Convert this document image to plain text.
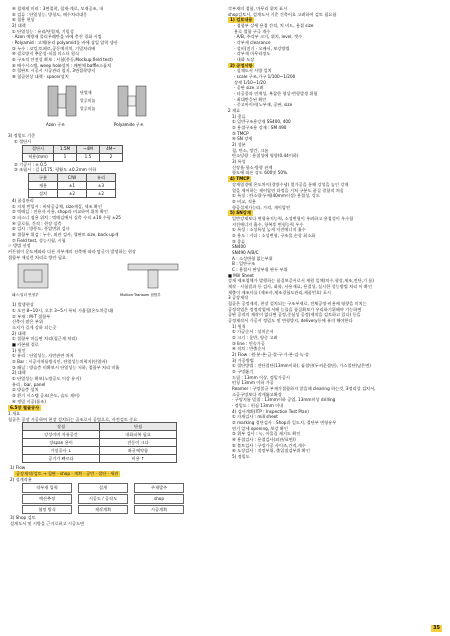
④ 철재제 미러 : 3면접착, 철재·계로, 모재공조, 내
⑤ 검류 : 단열성능, 방청도, 배수처리대응
⑥ 철용 현상
2) 대책
① 단열성능 : 유리/단열재, 기밀성
· Azon 예방제 폴리우레탄을 바에 충진 경화 시킴
· Polyamid : 고체/유리 polyamid를 바에 삽입 압착 생산
③ 누수 : 코킹,토페르,공동예지치, 기밀처리배
④ 결로방지 추운성·직접 미스터 원식
⑤ 구조적 안전성 확보 : 시험(풍동,Mockup,field test)
⑥ 배수시스템, weep hole설치 : 패면체 baffle스톱처
⑦ 혈판트 시공시 시공관리 철저, 3면접착방지
⑧ 철골현상 대책 · spacer설치
단열재
알루미늄
알루미늄
Azon 구조	Polyamide 구조
3) 정밀도 기준
① 절단시
절단시	1.5M	~4M	4M~
허용(mm)	1	1.5	2
② 기공시 : ± 0.5
③ 조립시 : 길 L/175, 평활도 ±0.2mm 이하
구분	C/W	유리
재용	±1	±3
설치	±2	±2
4) 품질관리
① 지재 반입시 : 바닥공급체, size재질, 색조 확인
② 먹매김 : 전용자 사용, shop과 비교하여 위치 확인
③ 파스너 점용 위치 : 먹매김에서 실측 수직 ±10 수평 ±25
④ 클로틀, 간격 : 현장 실측
⑤ 검사 : 방풍도, 풍압변위 검사
⑥ 접합부 위검 : 누수, 외관 검사, 혈판트 size, back up재
⑦ Field test, 성능시험, 시험
☞ 방법 선정
커튼월이 운도에따라 다른 자부재의 선축에 따라 맘글이 발생하는 현상
접합부 재실런 처리로 방안 필요
패스·멀리 연정부	Mullion·Transom 접합부
1) 발생현상
① 오전 8~10시, 오후 3~5시 특히 거울철(온도차증대)
② 부재 : M·T 접합부
신축이 많은 부위
소지가 길게 강하 되는곳
2) 대책
① 접합부 마들면 처리(철근재 처리)
■ 카본월 결로
1) 원인
① 유리 : 단열성능, 자연관련 차지
② Bar : 시공자처틀방식인, 단열성능치력지(단열바)
③ 패널 : 방습층 미확보시 단열성능 저하, 접합부 처리 미흡
2) 대책
① 단열성능 확보(노방공도 이상 유지)
유리 , bar, panel
② 방습층 설치
③ 환기 시스템 공조(온도, 습도 제어)
④ 정밀 시공(품조)
6.5장 철골공사
1 개요
철골은 공장 가공하여 현장 설치되는 골조로서 공법으로, 사전검토 중요
장점	단점
강성이며 자유공간	내화피복 필요
장span 용이	진동이 크다
가설공사 ↓	좌굴에약함
공기가 빠르다	비용 ↑
1) Flow
공장제작/검토 → 철판 · shop · 계획 · 공반 · 절단 · 세관
2) 설계작용
작부재 입력	설계	주재발주
예산추정	시공도 / 공작도	shop
협정 방식	재작계획	시공계획
3) Shop 검토
설계도서 및 시방을 근거로하고 시공도면
각부재의 접합, 마무리 위치 표시
shop검토시, 설계도서 기준 건축어요 고려하여 검토 필요함
1) 검토내용
· 접합부 상세 용접 간격, 치 비드, 용접 size
용로 접합 구극 개수
· A/B, 주각부 크기, 위치, level, 갯수
· 각부재 clearance
· 설비(전기 · 오배서, 보강방법
· 각부재 마무리정도
· 내화 도장
2) 공정시항
· 실제도서 시방 일치
· scale 구조,가구 1/100~1/200
상세 1/10~1/20
· 공판 size 고려
· 타공종과 연계성, 복잡한 형상·변형발생 위험
· 최대반응된 확인
· 중고아이비(노부재, 공판, size
2 재료
1) 종류
① 일반구조용강재 SS400, 400
② 용접구조용 강재 : SM 490
③ TMCP
④ SN 강재
2) 성분
철, 탄소, 망간, 크롬
탄소당량 : 용접성에 영향(0.44이하)
3) 특성
신장율·항소·방향 관계
항도에 따른 강도 600및 50%.
4) TMCP
강재열경에 온도차이(경방수냉) 열가공을 통해 강성을 높인 강재
열을 제어하는 제어압연 과정을 거쳐 구분도 품질 결합적 처음
① 특징 : 탄소량·두께(40mm이상) 용접성, 강도
② 비교, 적용
항공설계가능따, 가격, 재이압연
5) SN강재
일반강재보다 변형유저능력, 소성변형이 우려하고 용접성이 우수함
지진에너지 흡수, 항복후 변형능력 우수
① 특성 : 소성특성 높게 지진에너지 흡수
② 용도 : 거더 : 소성변형, 구조물 손상 최소화
③ 종류
SN400
SN490 A/B/C
A : 소성변형 없는부위
B : 일반구조
C : 용접시 판상부위 판두 부위
■ Mill Sheet
강재 제조업체가 발행하는 품질보증서로서 제원 일체(치수,형상,제조,전단,기 품)
제작 · 시험결과 등 검사, 화학, 사용재료, 용접성, 실시한 성능방법 처리 이 확인
제출이 제조사를 (제조사,제조경험도관리,제품번호) 포시
3 공장제작
철골은 공정제작, 현장 설치되는 구조부재로, 전체공정·비용에 영향을 미치는
공정작업은 정정작업에 서해 능률을 품질확보가 우리하기위해야 가능하면
공판 공작의 제작이 없다면 공정,중심성 공정(제작을 검토하고 있다) 등을
공정제작서 가공시 정밀도 및 변형방지, delivery등에 유의 해야한다
1) 원칙
① 가공순서 : 설치순서
② 크기 : 운반, 양중 고려
③ line : 연속가공
④ 적치 : 반출순서
2) Flow : 원·분·본·금·절·구·가·본·검·녹·송
3) 가공방법
① 절단방법 : 전단절단(13mm이하), 톱절단(두꺼운절단), 가스절단(남은면)
② 구멍뚫기
드릴 : 13mm 이상, 정밀가공시
펀칭 13mm 이하 가공
Reamer : 구멍불균 부재가접합하지 않을때 clearing 하는것, 3정리상 검처서,
소공구멍보다 작게뚫고확장
· 구멍지름 밀접 : 13mm이하 공업, 13mm미상 drilling
· 정밀도 : 편심 13mm 이내
4) 검사계획(ITP : Inspection Test Plan)
① 자재검사 : mill sheet
② marking 절단검사 : Shop과 일도지, 절단부 변형유무
연기 앞세 opening, 보강 확인
③ 위부 검사 : 녹, 이물질 제거도 확인
④ 용접검사 : 용접검사(외관/표면/)
⑤ 볼트검사 : 구멍가공 사이즈,간격,개수
⑥ 도장검사 : 적정부위, 출입점검부위 확인
5) 정밀도
35
